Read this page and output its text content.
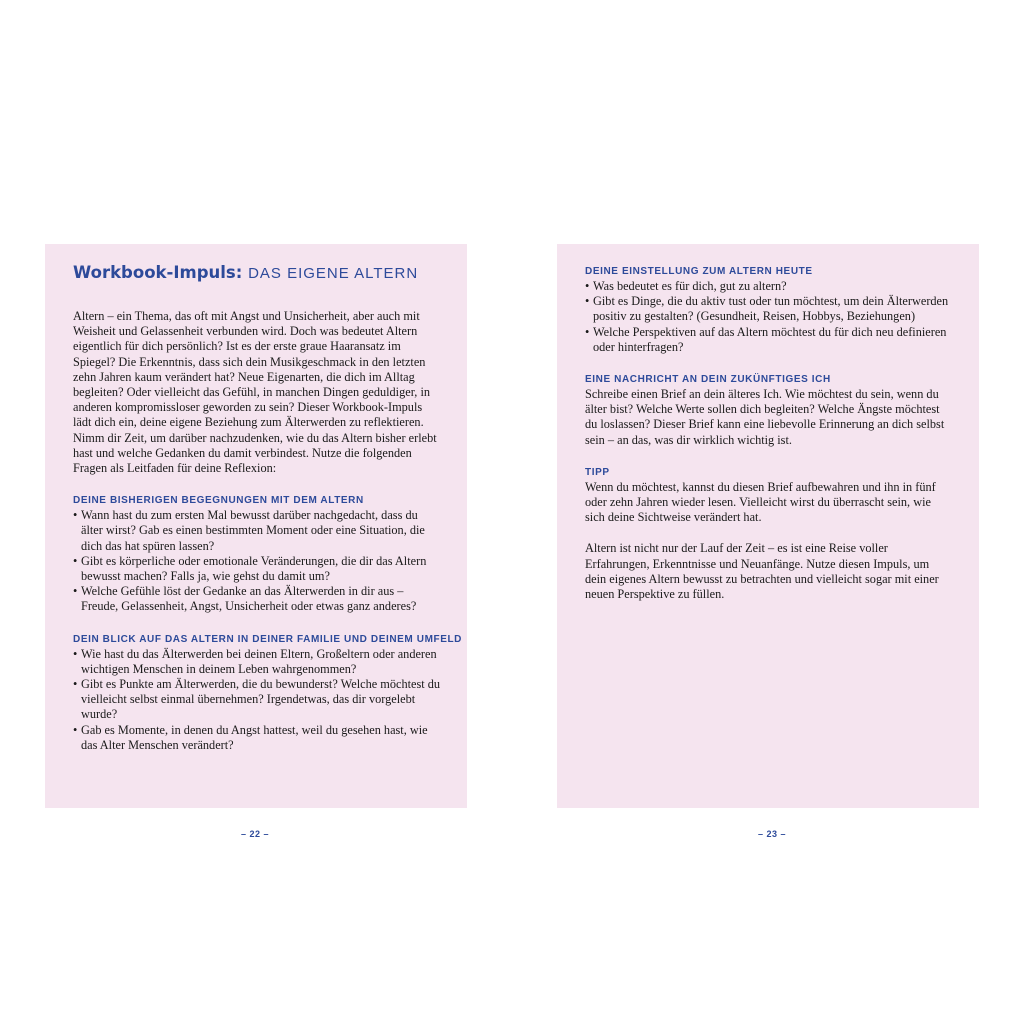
Workbook-Impuls: DAS EIGENE ALTERN

Altern – ein Thema, das oft mit Angst und Unsicherheit, aber auch mit Weisheit und Gelassenheit verbunden wird. Doch was bedeutet Altern eigentlich für dich persönlich? Ist es der erste graue Haaransatz im Spiegel? Die Erkenntnis, dass sich dein Musikgeschmack in den letzten zehn Jahren kaum verändert hat? Neue Eigenarten, die dich im Alltag begleiten? Oder vielleicht das Gefühl, in manchen Dingen geduldiger, in anderen kompromissloser geworden zu sein? Dieser Workbook-Impuls lädt dich ein, deine eigene Beziehung zum Älterwerden zu reflektieren. Nimm dir Zeit, um darüber nachzudenken, wie du das Altern bisher erlebt hast und welche Gedanken du damit verbindest. Nutze die folgenden Fragen als Leitfaden für deine Reflexion:

DEINE BISHERIGEN BEGEGNUNGEN MIT DEM ALTERN
• Wann hast du zum ersten Mal bewusst darüber nachgedacht, dass du älter wirst? Gab es einen bestimmten Moment oder eine Situation, die dich das hat spüren lassen?
• Gibt es körperliche oder emotionale Veränderungen, die dir das Altern bewusst machen? Falls ja, wie gehst du damit um?
• Welche Gefühle löst der Gedanke an das Älterwerden in dir aus – Freude, Gelassenheit, Angst, Unsicherheit oder etwas ganz anderes?
DEIN BLICK AUF DAS ALTERN IN DEINER FAMILIE UND DEINEM UMFELD
• Wie hast du das Älterwerden bei deinen Eltern, Großeltern oder anderen wichtigen Menschen in deinem Leben wahrgenommen?
• Gibt es Punkte am Älterwerden, die du bewunderst? Welche möchtest du vielleicht selbst einmal übernehmen? Irgendetwas, das dir vorgelebt wurde?
• Gab es Momente, in denen du Angst hattest, weil du gesehen hast, wie das Alter Menschen verändert?
– 22 –
DEINE EINSTELLUNG ZUM ALTERN HEUTE
• Was bedeutet es für dich, gut zu altern?
• Gibt es Dinge, die du aktiv tust oder tun möchtest, um dein Älterwerden positiv zu gestalten? (Gesundheit, Reisen, Hobbys, Beziehungen)
• Welche Perspektiven auf das Altern möchtest du für dich neu definieren oder hinterfragen?
EINE NACHRICHT AN DEIN ZUKÜNFTIGES ICH

Schreibe einen Brief an dein älteres Ich. Wie möchtest du sein, wenn du älter bist? Welche Werte sollen dich begleiten? Welche Ängste möchtest du loslassen? Dieser Brief kann eine liebevolle Erinnerung an dich selbst sein – an das, was dir wirklich wichtig ist.

TIPP

Wenn du möchtest, kannst du diesen Brief aufbewahren und ihn in fünf oder zehn Jahren wieder lesen. Vielleicht wirst du überrascht sein, wie sich deine Sichtweise verändert hat.

Altern ist nicht nur der Lauf der Zeit – es ist eine Reise voller Erfahrungen, Erkenntnisse und Neuanfänge. Nutze diesen Impuls, um dein eigenes Altern bewusst zu betrachten und vielleicht sogar mit einer neuen Perspektive zu füllen.

– 23 –
